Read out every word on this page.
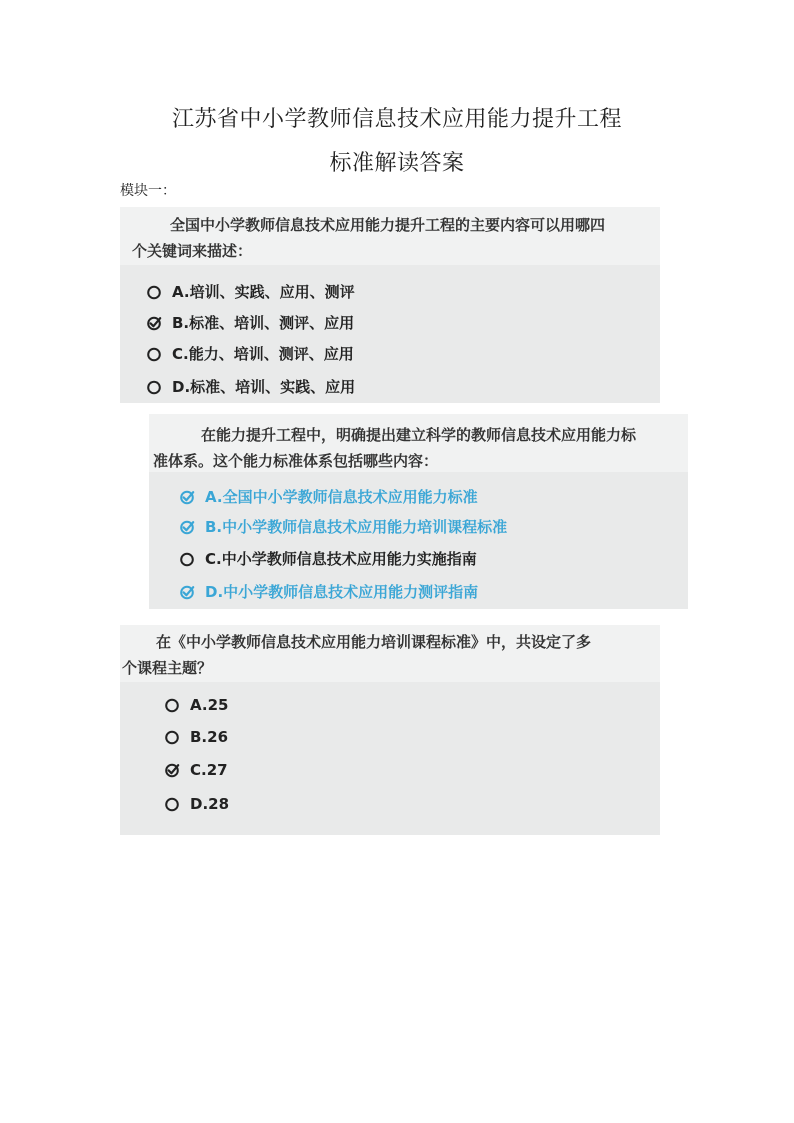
江苏省中小学教师信息技术应用能力提升工程
标准解读答案
模块一：
全国中小学教师信息技术应用能力提升工程的主要内容可以用哪四
个关键词来描述：
A.培训、实践、应用、测评
B.标准、培训、测评、应用
C.能力、培训、测评、应用
D.标准、培训、实践、应用
在能力提升工程中，明确提出建立科学的教师信息技术应用能力标
准体系。这个能力标准体系包括哪些内容：
A.全国中小学教师信息技术应用能力标准
B.中小学教师信息技术应用能力培训课程标准
C.中小学教师信息技术应用能力实施指南
D.中小学教师信息技术应用能力测评指南
在《中小学教师信息技术应用能力培训课程标准》中，共设定了多
个课程主题？
A.25
B.26
C.27
D.28
